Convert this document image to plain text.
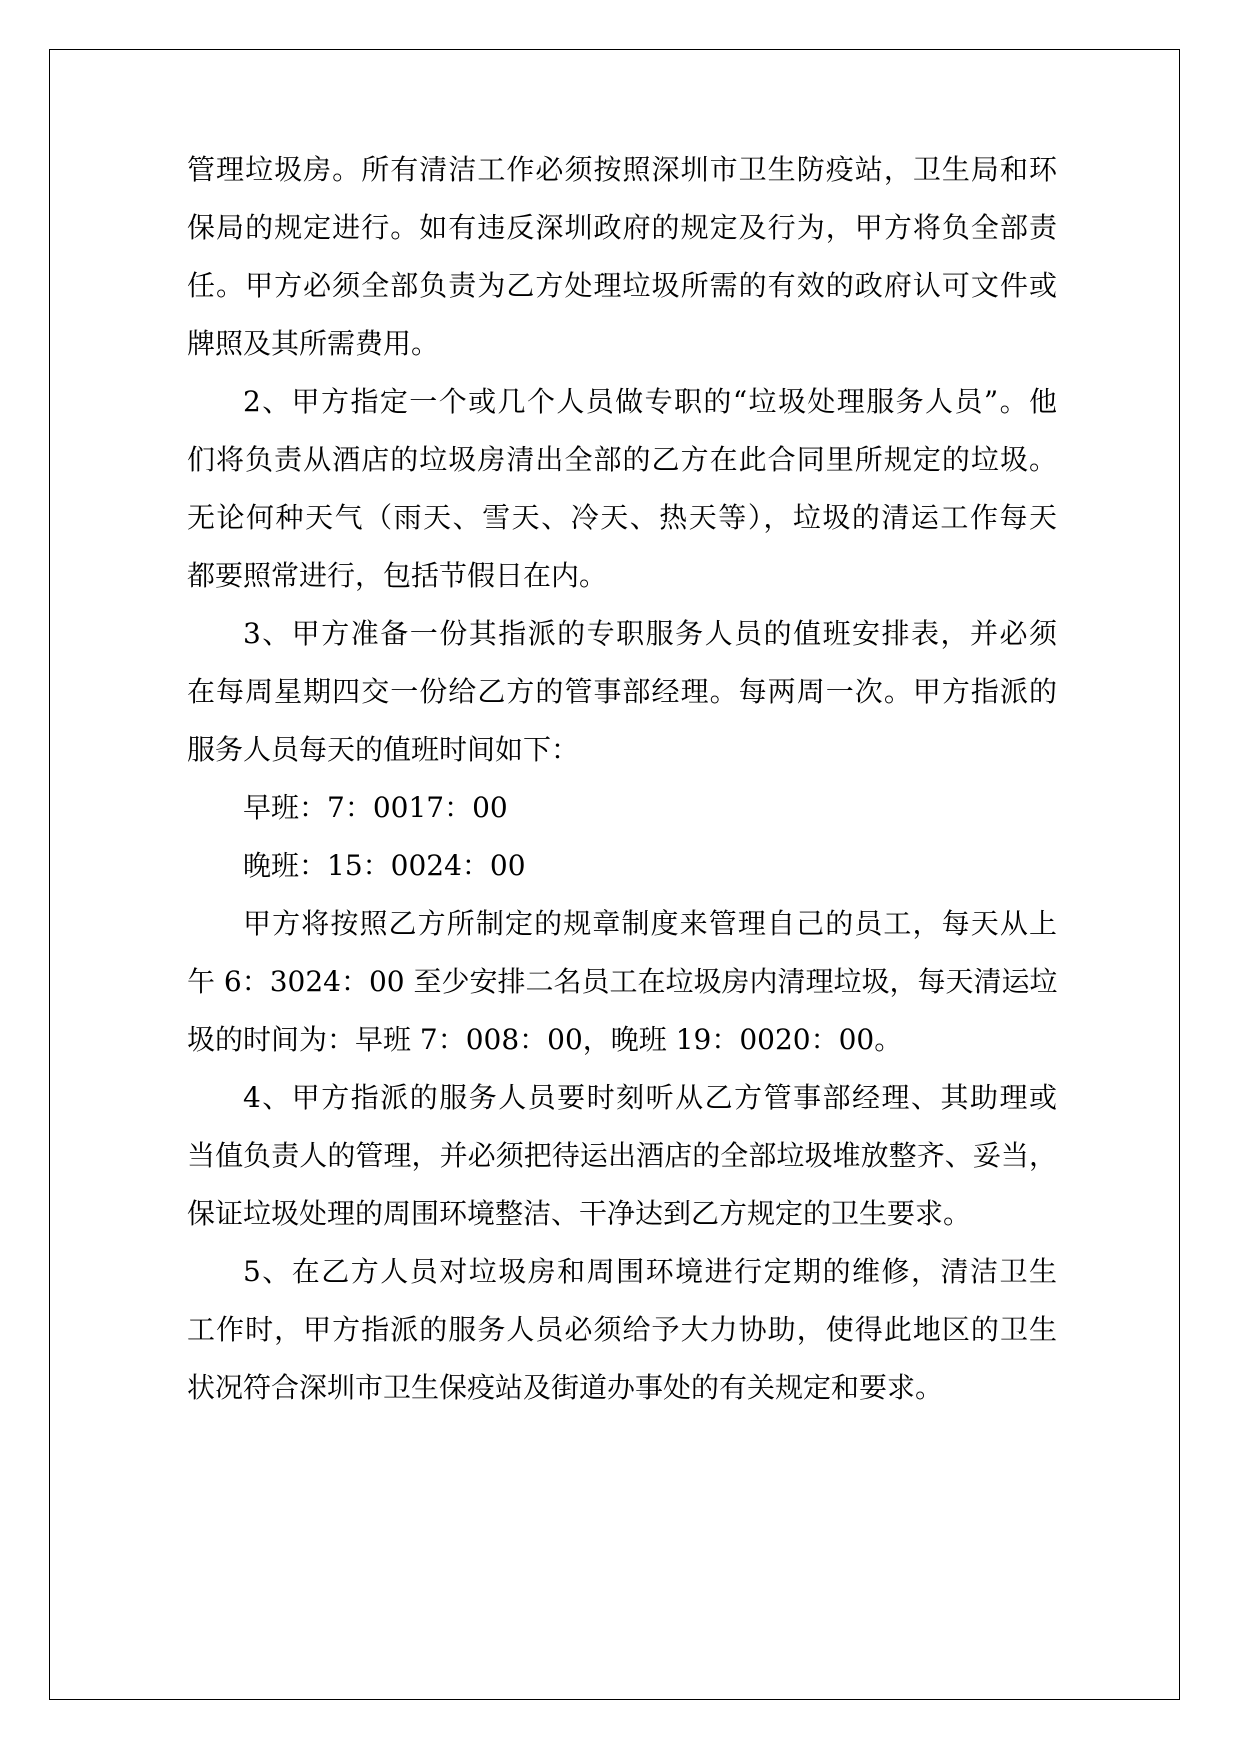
管理垃圾房。所有清洁工作必须按照深圳市卫生防疫站，卫生局和环
保局的规定进行。如有违反深圳政府的规定及行为，甲方将负全部责
任。甲方必须全部负责为乙方处理垃圾所需的有效的政府认可文件或
牌照及其所需费用。
2、甲方指定一个或几个人员做专职的“垃圾处理服务人员”。他
们将负责从酒店的垃圾房清出全部的乙方在此合同里所规定的垃圾。
无论何种天气（雨天、雪天、冷天、热天等），垃圾的清运工作每天
都要照常进行，包括节假日在内。
3、甲方准备一份其指派的专职服务人员的值班安排表，并必须
在每周星期四交一份给乙方的管事部经理。每两周一次。甲方指派的
服务人员每天的值班时间如下：
早班：7：0017：00
晚班：15：0024：00
甲方将按照乙方所制定的规章制度来管理自己的员工，每天从上
午 6：3024：00 至少安排二名员工在垃圾房内清理垃圾，每天清运垃
圾的时间为：早班 7：008：00，晚班 19：0020：00。
4、甲方指派的服务人员要时刻听从乙方管事部经理、其助理或
当值负责人的管理，并必须把待运出酒店的全部垃圾堆放整齐、妥当，
保证垃圾处理的周围环境整洁、干净达到乙方规定的卫生要求。
5、在乙方人员对垃圾房和周围环境进行定期的维修，清洁卫生
工作时，甲方指派的服务人员必须给予大力协助，使得此地区的卫生
状况符合深圳市卫生保疫站及街道办事处的有关规定和要求。
